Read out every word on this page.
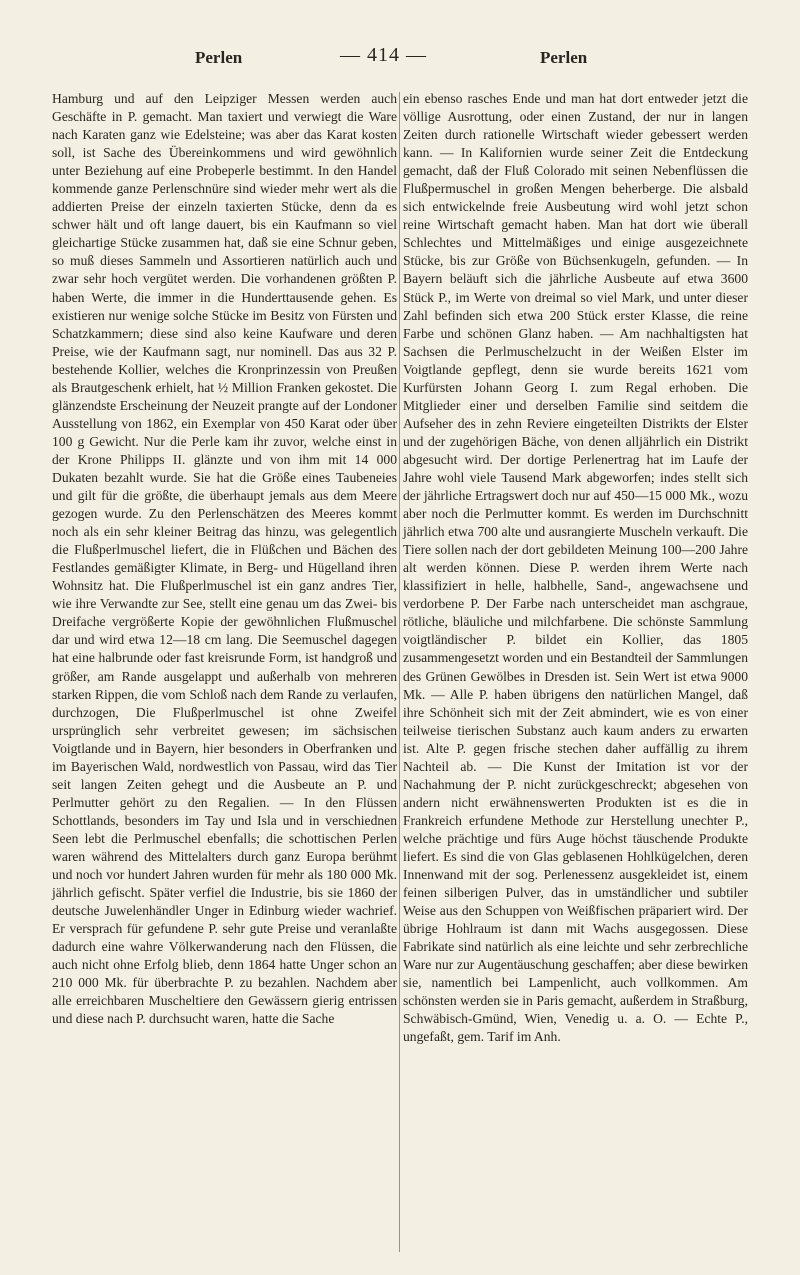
Perlen	— 414 —	Perlen

Hamburg und auf den Leipziger Messen werden auch Geschäfte in P. gemacht. Man taxiert und verwiegt die Ware nach Karaten ganz wie Edelsteine; was aber das Karat kosten soll, ist Sache des Übereinkommens und wird gewöhnlich unter Beziehung auf eine Probeperle bestimmt. In den Handel kommende ganze Perlenschnüre sind wieder mehr wert als die addierten Preise der einzeln taxierten Stücke, denn da es schwer hält und oft lange dauert, bis ein Kaufmann so viel gleichartige Stücke zusammen hat, daß sie eine Schnur geben, so muß dieses Sammeln und Assortieren natürlich auch und zwar sehr hoch vergütet werden. Die vorhandenen größten P. haben Werte, die immer in die Hunderttausende gehen. Es existieren nur wenige solche Stücke im Besitz von Fürsten und Schatzkammern; diese sind also keine Kaufware und deren Preise, wie der Kaufmann sagt, nur nominell. Das aus 32 P. bestehende Kollier, welches die Kronprinzessin von Preußen als Brautgeschenk erhielt, hat ½ Million Franken gekostet. Die glänzendste Erscheinung der Neuzeit prangte auf der Londoner Ausstellung von 1862, ein Exemplar von 450 Karat oder über 100 g Gewicht. Nur die Perle kam ihr zuvor, welche einst in der Krone Philipps II. glänzte und von ihm mit 14 000 Dukaten bezahlt wurde. Sie hat die Größe eines Taubeneies und gilt für die größte, die überhaupt jemals aus dem Meere gezogen wurde. Zu den Perlenschätzen des Meeres kommt noch als ein sehr kleiner Beitrag das hinzu, was gelegentlich die Flußperlmuschel liefert, die in Flüßchen und Bächen des Festlandes gemäßigter Klimate, in Berg- und Hügelland ihren Wohnsitz hat. Die Flußperlmuschel ist ein ganz andres Tier, wie ihre Verwandte zur See, stellt eine genau um das Zwei- bis Dreifache vergrößerte Kopie der gewöhnlichen Flußmuschel dar und wird etwa 12—18 cm lang. Die Seemuschel dagegen hat eine halbrunde oder fast kreisrunde Form, ist handgroß und größer, am Rande ausgelappt und außerhalb von mehreren starken Rippen, die vom Schloß nach dem Rande zu verlaufen, durchzogen, Die Flußperlmuschel ist ohne Zweifel ursprünglich sehr verbreitet gewesen; im sächsischen Voigtlande und in Bayern, hier besonders in Oberfranken und im Bayerischen Wald, nordwestlich von Passau, wird das Tier seit langen Zeiten gehegt und die Ausbeute an P. und Perlmutter gehört zu den Regalien. — In den Flüssen Schottlands, besonders im Tay und Isla und in verschiednen Seen lebt die Perlmuschel ebenfalls; die schottischen Perlen waren während des Mittelalters durch ganz Europa berühmt und noch vor hundert Jahren wurden für mehr als 180 000 Mk. jährlich gefischt. Später verfiel die Industrie, bis sie 1860 der deutsche Juwelenhändler Unger in Edinburg wieder wachrief. Er versprach für gefundene P. sehr gute Preise und veranlaßte dadurch eine wahre Völkerwanderung nach den Flüssen, die auch nicht ohne Erfolg blieb, denn 1864 hatte Unger schon an 210 000 Mk. für überbrachte P. zu bezahlen. Nachdem aber alle erreichbaren Muscheltiere den Gewässern gierig entrissen und diese nach P. durchsucht waren, hatte die Sache

ein ebenso rasches Ende und man hat dort entweder jetzt die völlige Ausrottung, oder einen Zustand, der nur in langen Zeiten durch rationelle Wirtschaft wieder gebessert werden kann. — In Kalifornien wurde seiner Zeit die Entdeckung gemacht, daß der Fluß Colorado mit seinen Nebenflüssen die Flußpermuschel in großen Mengen beherberge. Die alsbald sich entwickelnde freie Ausbeutung wird wohl jetzt schon reine Wirtschaft gemacht haben. Man hat dort wie überall Schlechtes und Mittelmäßiges und einige ausgezeichnete Stücke, bis zur Größe von Büchsenkugeln, gefunden. — In Bayern beläuft sich die jährliche Ausbeute auf etwa 3600 Stück P., im Werte von dreimal so viel Mark, und unter dieser Zahl befinden sich etwa 200 Stück erster Klasse, die reine Farbe und schönen Glanz haben. — Am nachhaltigsten hat Sachsen die Perlmuschelzucht in der Weißen Elster im Voigtlande gepflegt, denn sie wurde bereits 1621 vom Kurfürsten Johann Georg I. zum Regal erhoben. Die Mitglieder einer und derselben Familie sind seitdem die Aufseher des in zehn Reviere eingeteilten Distrikts der Elster und der zugehörigen Bäche, von denen alljährlich ein Distrikt abgesucht wird. Der dortige Perlenertrag hat im Laufe der Jahre wohl viele Tausend Mark abgeworfen; indes stellt sich der jährliche Ertragswert doch nur auf 450—15 000 Mk., wozu aber noch die Perlmutter kommt. Es werden im Durchschnitt jährlich etwa 700 alte und ausrangierte Muscheln verkauft. Die Tiere sollen nach der dort gebildeten Meinung 100—200 Jahre alt werden können. Diese P. werden ihrem Werte nach klassifiziert in helle, halbhelle, Sand-, angewachsene und verdorbene P. Der Farbe nach unterscheidet man aschgraue, rötliche, bläuliche und milchfarbene. Die schönste Sammlung voigtländischer P. bildet ein Kollier, das 1805 zusammengesetzt worden und ein Bestandteil der Sammlungen des Grünen Gewölbes in Dresden ist. Sein Wert ist etwa 9000 Mk. — Alle P. haben übrigens den natürlichen Mangel, daß ihre Schönheit sich mit der Zeit abmindert, wie es von einer teilweise tierischen Substanz auch kaum anders zu erwarten ist. Alte P. gegen frische stechen daher auffällig zu ihrem Nachteil ab. — Die Kunst der Imitation ist vor der Nachahmung der P. nicht zurückgeschreckt; abgesehen von andern nicht erwähnenswerten Produkten ist es die in Frankreich erfundene Methode zur Herstellung unechter P., welche prächtige und fürs Auge höchst täuschende Produkte liefert. Es sind die von Glas geblasenen Hohlkügelchen, deren Innenwand mit der sog. Perlenessenz ausgekleidet ist, einem feinen silberigen Pulver, das in umständlicher und subtiler Weise aus den Schuppen von Weißfischen präpariert wird. Der übrige Hohlraum ist dann mit Wachs ausgegossen. Diese Fabrikate sind natürlich als eine leichte und sehr zerbrechliche Ware nur zur Augentäuschung geschaffen; aber diese bewirken sie, namentlich bei Lampenlicht, auch vollkommen. Am schönsten werden sie in Paris gemacht, außerdem in Straßburg, Schwäbisch-Gmünd, Wien, Venedig u. a. O. — Echte P., ungefaßt, gem. Tarif im Anh.
